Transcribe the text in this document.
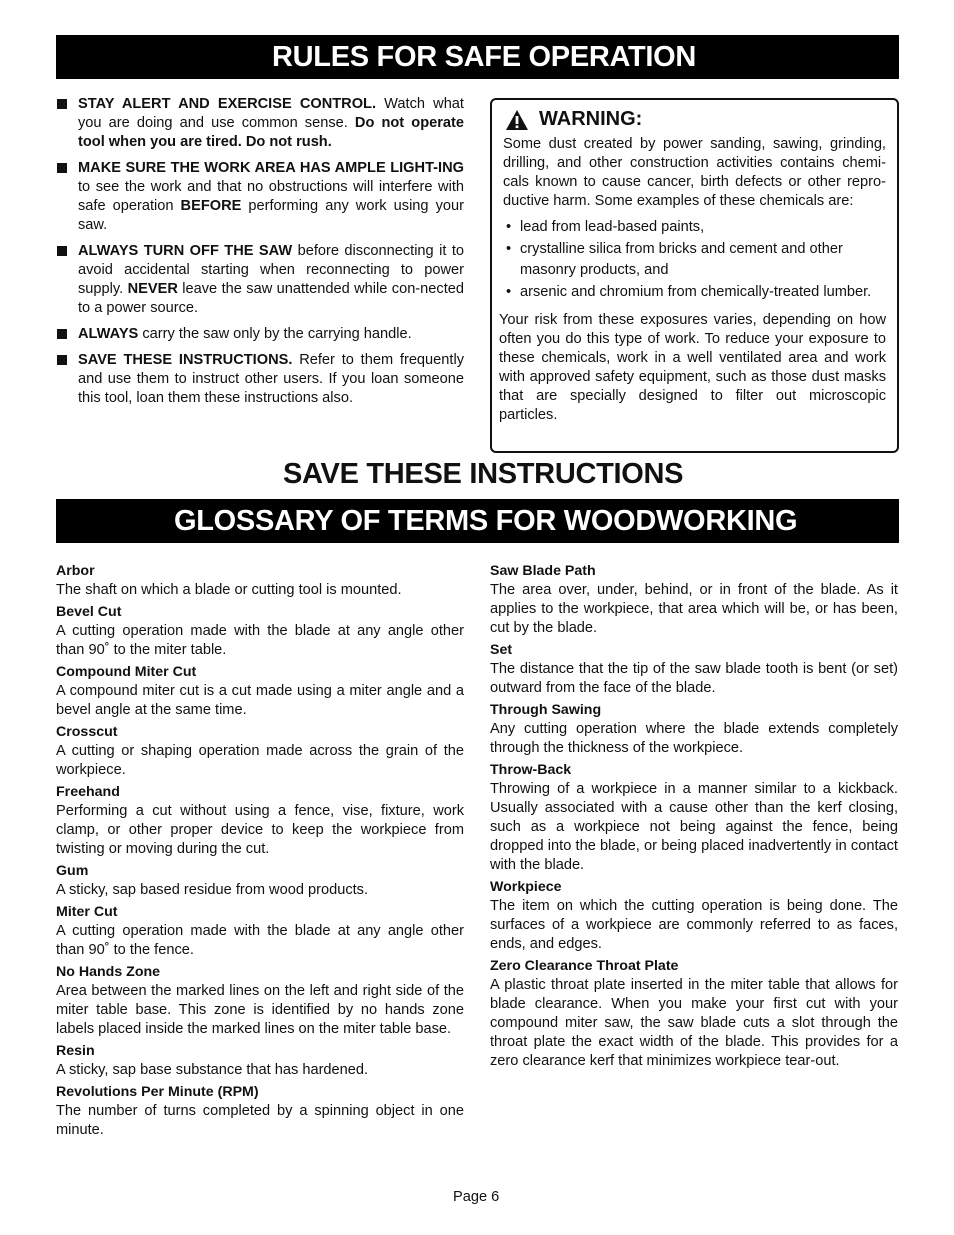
RULES FOR SAFE OPERATION
STAY ALERT AND EXERCISE CONTROL. Watch what you are doing and use common sense. Do not operate tool when you are tired. Do not rush.
MAKE SURE THE WORK AREA HAS AMPLE LIGHT-ING to see the work and that no obstructions will interfere with safe operation BEFORE performing any work using your saw.
ALWAYS TURN OFF THE SAW before disconnecting it to avoid accidental starting when reconnecting to power supply. NEVER leave the saw unattended while con-nected to a power source.
ALWAYS carry the saw only by the carrying handle.
SAVE THESE INSTRUCTIONS. Refer to them frequently and use them to instruct other users. If you loan someone this tool, loan them these instructions also.
WARNING:

Some dust created by power sanding, sawing, grinding, drilling, and other construction activities contains chemi-cals known to cause cancer, birth defects or other repro-ductive harm. Some examples of these chemicals are:

• lead from lead-based paints,
• crystalline silica from bricks and cement and other masonry products, and
• arsenic and chromium from chemically-treated lumber.

Your risk from these exposures varies, depending on how often you do this type of work. To reduce your exposure to these chemicals, work in a well ventilated area and work with approved safety equipment, such as those dust masks that are specially designed to filter out microscopic particles.

SAVE THESE INSTRUCTIONS
GLOSSARY OF TERMS FOR WOODWORKING
Arbor
The shaft on which a blade or cutting tool is mounted.
Bevel Cut
A cutting operation made with the blade at any angle other than 90˚ to the miter table.
Compound Miter Cut
A compound miter cut is a cut made using a miter angle and a bevel angle at the same time.
Crosscut
A cutting or shaping operation made across the grain of the workpiece.
Freehand
Performing a cut without using a fence, vise, fixture, work clamp, or other proper device to keep the workpiece from twisting or moving during the cut.
Gum
A sticky, sap based residue from wood products.
Miter Cut
A cutting operation made with the blade at any angle other than 90˚ to the fence.
No Hands Zone
Area between the marked lines on the left and right side of the miter table base. This zone is identified by no hands zone labels placed inside the marked lines on the miter table base.
Resin
A sticky, sap base substance that has hardened.
Revolutions Per Minute (RPM)
The number of turns completed by a spinning object in one minute.
Saw Blade Path
The area over, under, behind, or in front of the blade. As it applies to the workpiece, that area which will be, or has been, cut by the blade.
Set
The distance that the tip of the saw blade tooth is bent (or set) outward from the face of the blade.
Through Sawing
Any cutting operation where the blade extends completely through the thickness of the workpiece.
Throw-Back
Throwing of a workpiece in a manner similar to a kickback. Usually associated with a cause other than the kerf closing, such as a workpiece not being against the fence, being dropped into the blade, or being placed inadvertently in contact with the blade.
Workpiece
The item on which the cutting operation is being done. The surfaces of a workpiece are commonly referred to as faces, ends, and edges.
Zero Clearance Throat Plate
A plastic throat plate inserted in the miter table that allows for blade clearance. When you make your first cut with your compound miter saw, the saw blade cuts a slot through the throat plate the exact width of the blade. This provides for a zero clearance kerf that minimizes workpiece tear-out.
Page 6
